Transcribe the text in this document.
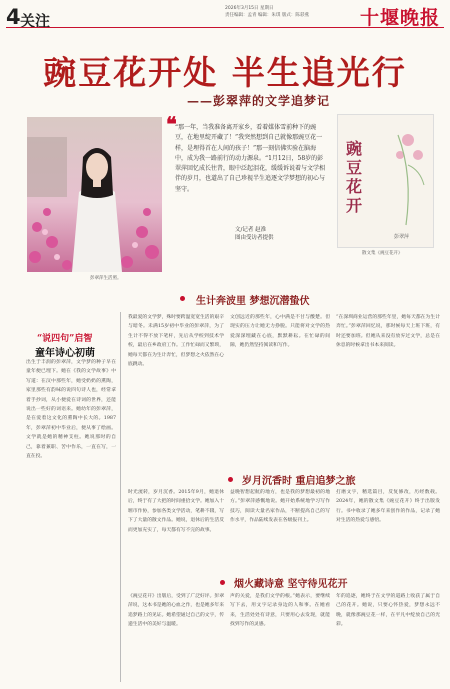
4 关注
2026年3月15日 星期日
责任编辑：孟青 编辑：朱琪 版式：陈彩燕	十堰晚报
豌豆花开处 半生追光行
——彭翠萍的文学追梦记
彭翠萍生活照。
❝
“那一年，当我准备离开家乡，看着媒体雪前种下的豌豆，在地里绽开藏了！”我突然想到自己就像那豌豆花一样，是埋得首在人间的孩子！”那一刻信佛实验在脑海中，成为我一路前行的动力源泉。“1月12日，58岁的彭翠萍回忆成长往昔，眼中泛起泪花，缓缓诉说着与文学相伴的岁月，也道出了自己珍视半生追逐文学梦想的初心与坚守。
文/记者 赵淮
图由受访者提供
豌豆花开
彭翠萍
散文集《豌豆花开》
“说四句”启智
童年诗心初萌
出生于丰润的彭翠萍，文学梦的种子早在童年便已埋下。她在《我的文学故事》中写道：在汉中那些年，她受奶奶的熏陶，家里那些有韵味的说四句诗人也，经常拿着手抄词，从小便爱在诗词的世界，还能说出一些好的词语来。她幼年的彭翠萍，是在爱着这文化的熏陶中长大的。1987年，彭翠萍初中毕业后，便从事了绘画。文学就是她的精神支柱。她说那时的自己，靠着兼职、苦中作乐，一直在写，一直在投。
生计奔波里 梦想沉潜蛰伏
我最爱的文学梦，殊时要跨温宽宽生活的艰辛与暗冬。未满15岁初中毕业的彭翠萍，为了生计不得不放下笔杆，先后从学校到技术学校，最后在乡政府工作。工作忙碌而又繁琐，她每天都在为生计奔忙，但梦想之火依然在心底跳动。
文创远近的那些年，心中满是不甘与酸楚。但现实的压力让她无力挣脱。只能将对文学的热爱深深埋藏在心底，默默耕耘。在忙碌的间隙，她仍然坚持阅读和写作。
“在深圳商业运营的那些年里，她每天都在为生计奔忙。”彭翠萍回忆说，那时候每天上班下班，有时还要加班。但她从来没有放弃过文学，总是在休息的时候拿出书本来阅读。
岁月沉香时 重启追梦之旅
时光流转，岁月沉香。2015年9月，她退休后，终于有了大把的时间重拾文学。她加入十堰市作协，参加各类文学活动，笔耕不辍，写下了大量的散文作品。她说，退休后的生活反而更加充实了，每天都有写不完的故事。
益晚智想起航的地方，也是我的梦想最初的地方。”彭翠萍感慨地说。她开始系统地学习写作技巧，阅读大量名家作品，不断提高自己的写作水平，作品陆续发表在各级报刊上。
打磨文字，精选篇目，反复修改，历经数载。2024年，她的散文集《豌豆花开》终于出版发行。书中收录了她多年来创作的作品，记录了她对生活的热爱与感悟。
烟火藏诗意 坚守待见花开
《豌豆花开》出版后，受到了广泛好评。彭翠萍说，这本书是她的心血之作，也是她多年来追梦路上的见证。她希望通过自己的文字，传递生活中的美好与温暖。
声的关爱，是我们文学的根。”她表示，要继续写下去，用文字记录身边的人和事。在她看来，生活处处有诗意，只要用心去发现，就能找到写作的灵感。
年的追逐，她终于在文学的道路上收获了属于自己的花开。她说，只要心怀热爱，梦想永远不晚，就像那豌豆花一样，在平凡中绽放自己的光彩。
